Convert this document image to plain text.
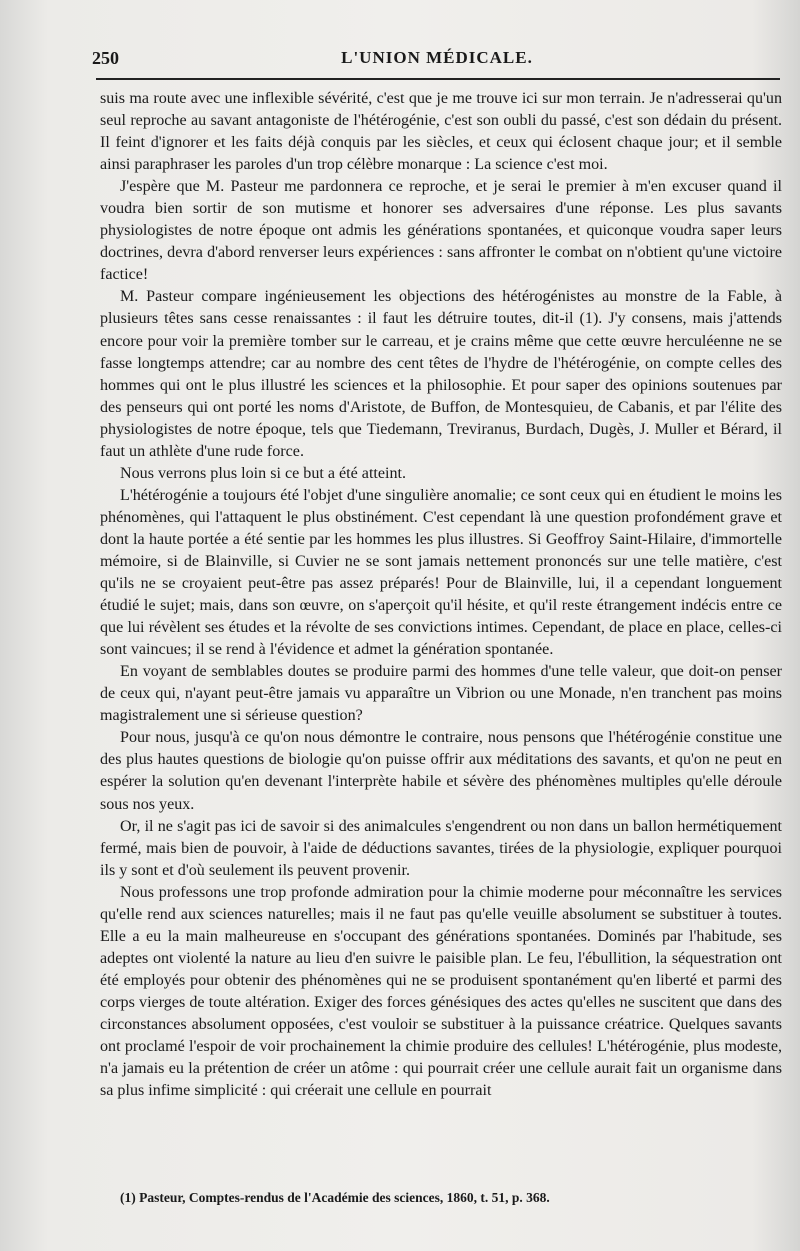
250	L'UNION MÉDICALE.

suis ma route avec une inflexible sévérité, c'est que je me trouve ici sur mon terrain. Je n'adresserai qu'un seul reproche au savant antagoniste de l'hétérogénie, c'est son oubli du passé, c'est son dédain du présent. Il feint d'ignorer et les faits déjà conquis par les siècles, et ceux qui éclosent chaque jour; et il semble ainsi paraphraser les paroles d'un trop célèbre monarque : La science c'est moi.

J'espère que M. Pasteur me pardonnera ce reproche, et je serai le premier à m'en excuser quand il voudra bien sortir de son mutisme et honorer ses adversaires d'une réponse. Les plus savants physiologistes de notre époque ont admis les générations spontanées, et quiconque voudra saper leurs doctrines, devra d'abord renverser leurs expériences : sans affronter le combat on n'obtient qu'une victoire factice!

M. Pasteur compare ingénieusement les objections des hétérogénistes au monstre de la Fable, à plusieurs têtes sans cesse renaissantes : il faut les détruire toutes, dit-il (1). J'y consens, mais j'attends encore pour voir la première tomber sur le carreau, et je crains même que cette œuvre herculéenne ne se fasse longtemps attendre; car au nombre des cent têtes de l'hydre de l'hétérogénie, on compte celles des hommes qui ont le plus illustré les sciences et la philosophie. Et pour saper des opinions soutenues par des penseurs qui ont porté les noms d'Aristote, de Buffon, de Montesquieu, de Cabanis, et par l'élite des physiologistes de notre époque, tels que Tiedemann, Treviranus, Burdach, Dugès, J. Muller et Bérard, il faut un athlète d'une rude force.

Nous verrons plus loin si ce but a été atteint.

L'hétérogénie a toujours été l'objet d'une singulière anomalie; ce sont ceux qui en étudient le moins les phénomènes, qui l'attaquent le plus obstinément. C'est cependant là une question profondément grave et dont la haute portée a été sentie par les hommes les plus illustres. Si Geoffroy Saint-Hilaire, d'immortelle mémoire, si de Blainville, si Cuvier ne se sont jamais nettement prononcés sur une telle matière, c'est qu'ils ne se croyaient peut-être pas assez préparés! Pour de Blainville, lui, il a cependant longuement étudié le sujet; mais, dans son œuvre, on s'aperçoit qu'il hésite, et qu'il reste étrangement indécis entre ce que lui révèlent ses études et la révolte de ses convictions intimes. Cependant, de place en place, celles-ci sont vaincues; il se rend à l'évidence et admet la génération spontanée.

En voyant de semblables doutes se produire parmi des hommes d'une telle valeur, que doit-on penser de ceux qui, n'ayant peut-être jamais vu apparaître un Vibrion ou une Monade, n'en tranchent pas moins magistralement une si sérieuse question?

Pour nous, jusqu'à ce qu'on nous démontre le contraire, nous pensons que l'hétérogénie constitue une des plus hautes questions de biologie qu'on puisse offrir aux méditations des savants, et qu'on ne peut en espérer la solution qu'en devenant l'interprète habile et sévère des phénomènes multiples qu'elle déroule sous nos yeux.

Or, il ne s'agit pas ici de savoir si des animalcules s'engendrent ou non dans un ballon hermétiquement fermé, mais bien de pouvoir, à l'aide de déductions savantes, tirées de la physiologie, expliquer pourquoi ils y sont et d'où seulement ils peuvent provenir.

Nous professons une trop profonde admiration pour la chimie moderne pour méconnaître les services qu'elle rend aux sciences naturelles; mais il ne faut pas qu'elle veuille absolument se substituer à toutes. Elle a eu la main malheureuse en s'occupant des générations spontanées. Dominés par l'habitude, ses adeptes ont violenté la nature au lieu d'en suivre le paisible plan. Le feu, l'ébullition, la séquestration ont été employés pour obtenir des phénomènes qui ne se produisent spontanément qu'en liberté et parmi des corps vierges de toute altération. Exiger des forces génésiques des actes qu'elles ne suscitent que dans des circonstances absolument opposées, c'est vouloir se substituer à la puissance créatrice. Quelques savants ont proclamé l'espoir de voir prochainement la chimie produire des cellules! L'hétérogénie, plus modeste, n'a jamais eu la prétention de créer un atôme : qui pourrait créer une cellule aurait fait un organisme dans sa plus infime simplicité : qui créerait une cellule en pourrait

(1) Pasteur, Comptes-rendus de l'Académie des sciences, 1860, t. 51, p. 368.
